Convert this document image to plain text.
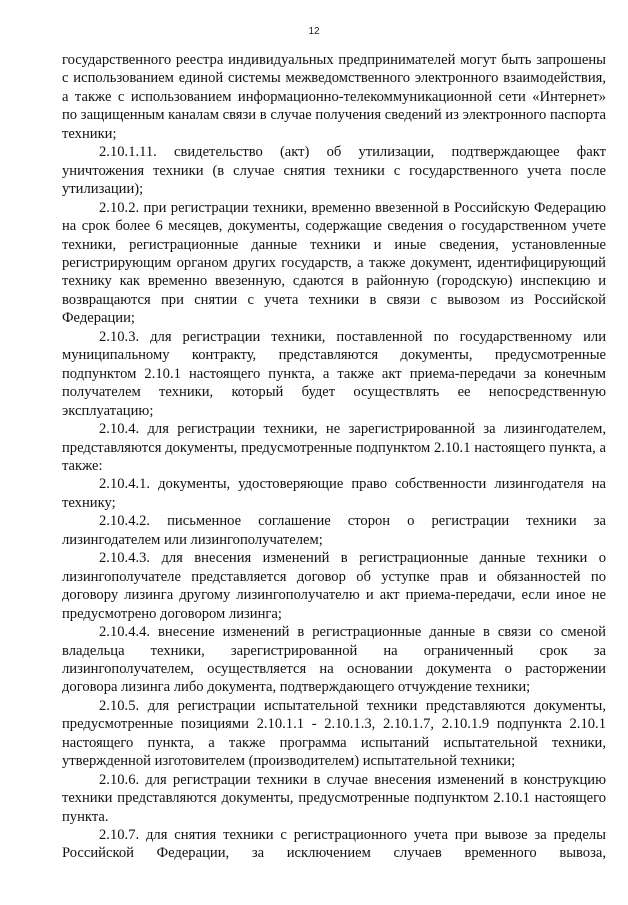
12

государственного реестра индивидуальных предпринимателей могут быть запрошены с использованием единой системы межведомственного электронного взаимодействия, а также с использованием информационно-телекоммуникационной сети «Интернет» по защищенным каналам связи в случае получения сведений из электронного паспорта техники;

2.10.1.11. свидетельство (акт) об утилизации, подтверждающее факт уничтожения техники (в случае снятия техники с государственного учета после утилизации);

2.10.2. при регистрации техники, временно ввезенной в Российскую Федерацию на срок более 6 месяцев, документы, содержащие сведения о государственном учете техники, регистрационные данные техники и иные сведения, установленные регистрирующим органом других государств, а также документ, идентифицирующий технику как временно ввезенную, сдаются в районную (городскую) инспекцию и возвращаются при снятии с учета техники в связи с вывозом из Российской Федерации;

2.10.3. для регистрации техники, поставленной по государственному или муниципальному контракту, представляются документы, предусмотренные подпунктом 2.10.1 настоящего пункта, а также акт приема-передачи за конечным получателем техники, который будет осуществлять ее непосредственную эксплуатацию;

2.10.4. для регистрации техники, не зарегистрированной за лизингодателем, представляются документы, предусмотренные подпунктом 2.10.1 настоящего пункта, а также:

2.10.4.1. документы, удостоверяющие право собственности лизингодателя на технику;

2.10.4.2. письменное соглашение сторон о регистрации техники за лизингодателем или лизингополучателем;

2.10.4.3. для внесения изменений в регистрационные данные техники о лизингополучателе представляется договор об уступке прав и обязанностей по договору лизинга другому лизингополучателю и акт приема-передачи, если иное не предусмотрено договором лизинга;

2.10.4.4. внесение изменений в регистрационные данные в связи со сменой владельца техники, зарегистрированной на ограниченный срок за лизингополучателем, осуществляется на основании документа о расторжении договора лизинга либо документа, подтверждающего отчуждение техники;

2.10.5. для регистрации испытательной техники представляются документы, предусмотренные позициями 2.10.1.1 - 2.10.1.3, 2.10.1.7, 2.10.1.9 подпункта 2.10.1 настоящего пункта, а также программа испытаний испытательной техники, утвержденной изготовителем (производителем) испытательной техники;

2.10.6. для регистрации техники в случае внесения изменений в конструкцию техники представляются документы, предусмотренные подпунктом 2.10.1 настоящего пункта.

2.10.7. для снятия техники с регистрационного учета при вывозе за пределы Российской Федерации, за исключением случаев временного вывоза,
